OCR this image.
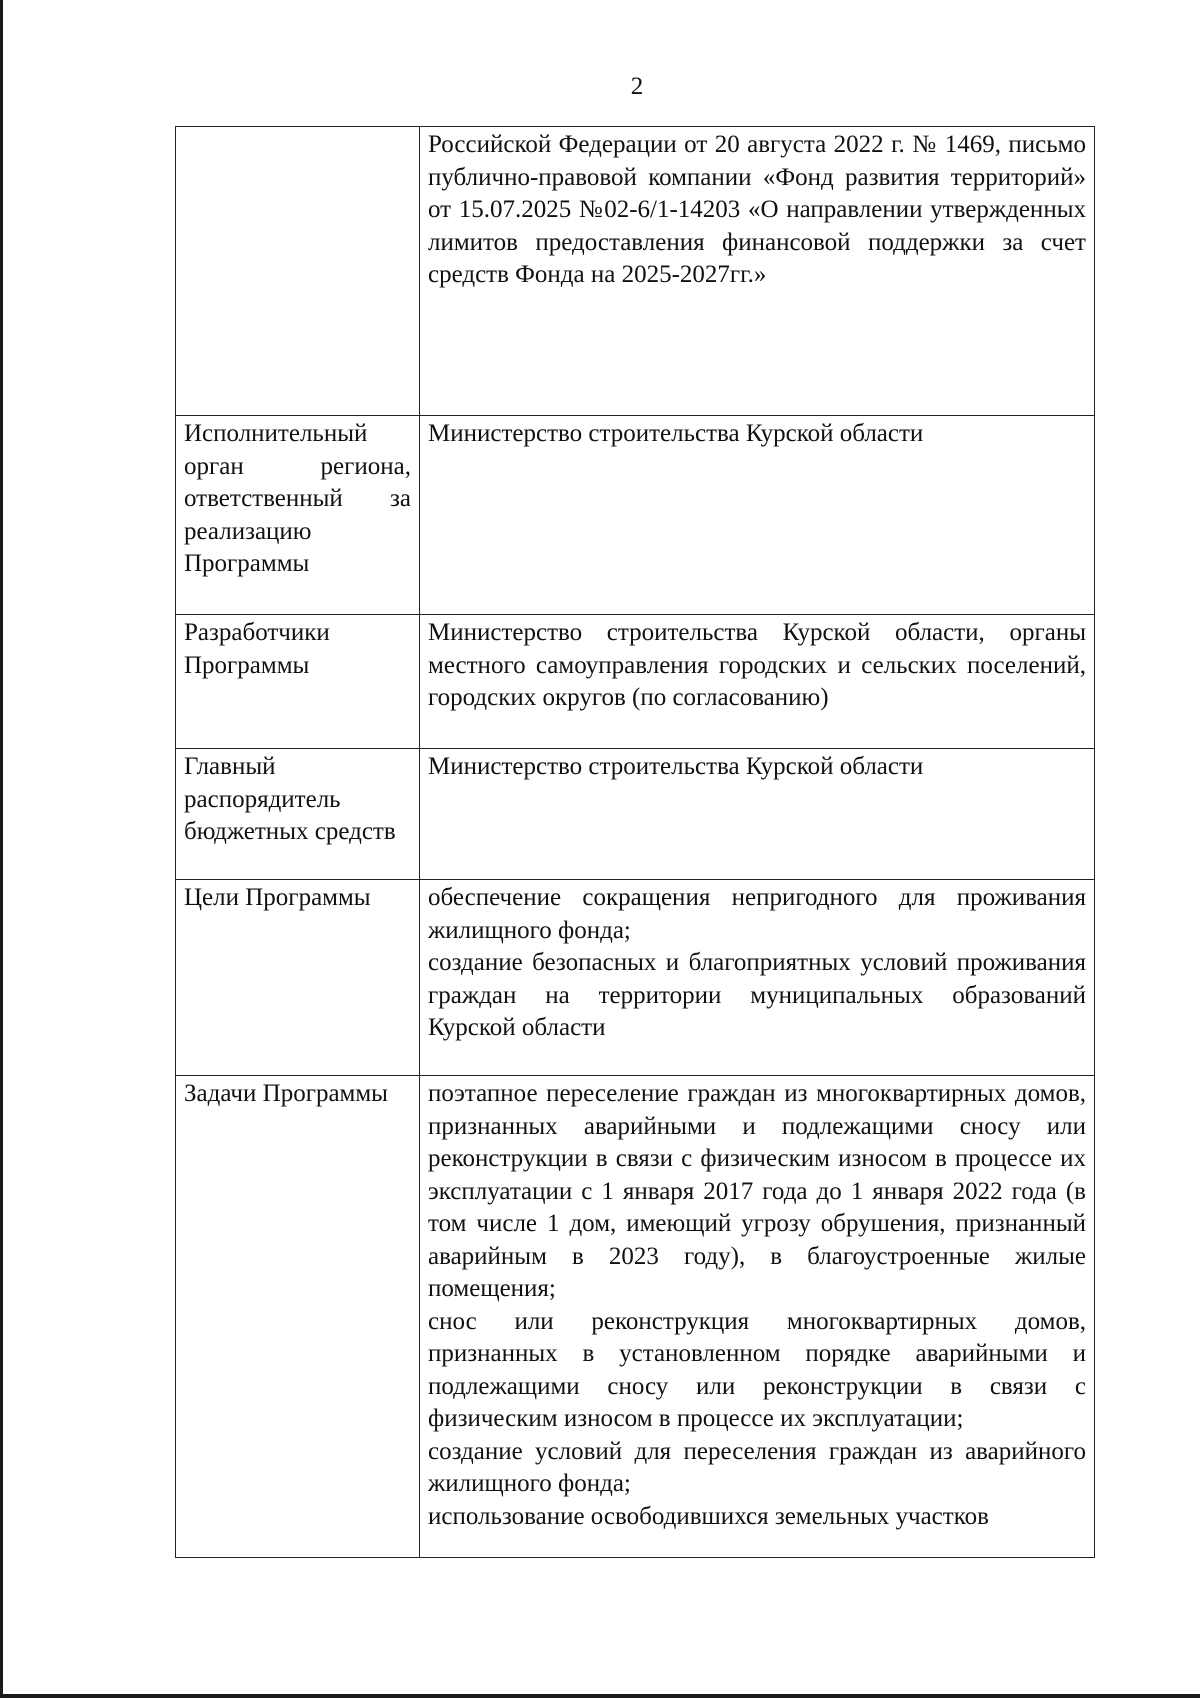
2

	Российской Федерации от 20 августа 2022 г. № 1469, письмо публично-правовой компании «Фонд развития территорий» от 15.07.2025 №02-6/1-14203 «О направлении утвержденных лимитов предоставления финансовой поддержки за счет средств Фонда на 2025-2027гг.»

Исполнительный орган региона, ответственный за реализацию Программы	Министерство строительства Курской области

Разработчики Программы	Министерство строительства Курской области, органы местного самоуправления городских и сельских поселений, городских округов (по согласованию)

Главный распорядитель бюджетных средств	Министерство строительства Курской области

Цели Программы	обеспечение сокращения непригодного для проживания жилищного фонда;
создание безопасных и благоприятных условий проживания граждан на территории муниципальных образований Курской области

Задачи Программы	поэтапное переселение граждан из многоквартирных домов, признанных аварийными и подлежащими сносу или реконструкции в связи с физическим износом в процессе их эксплуатации с 1 января 2017 года до 1 января 2022 года (в том числе 1 дом, имеющий угрозу обрушения, признанный аварийным в 2023 году), в благоустроенные жилые помещения;
снос или реконструкция многоквартирных домов, признанных в установленном порядке аварийными и подлежащими сносу или реконструкции в связи с физическим износом в процессе их эксплуатации;
создание условий для переселения граждан из аварийного жилищного фонда;
использование освободившихся земельных участков
